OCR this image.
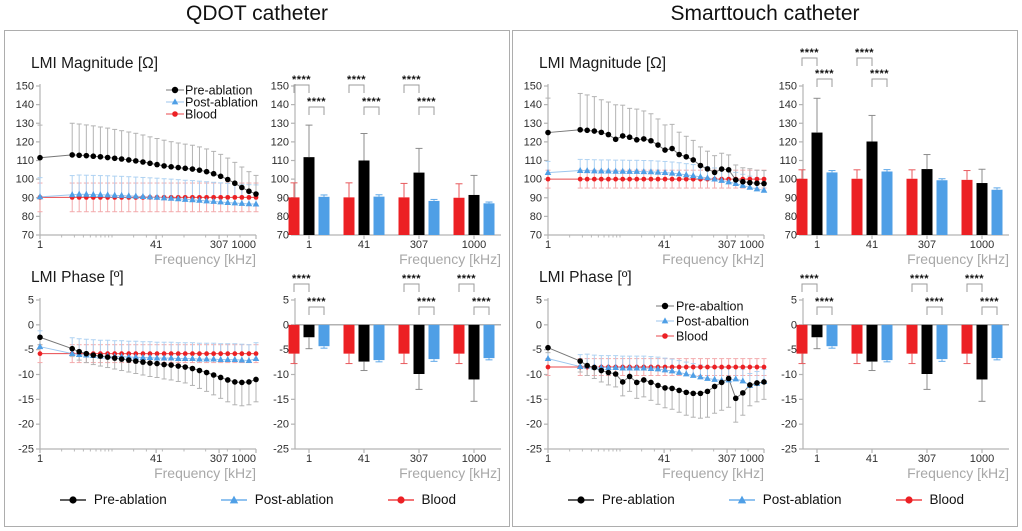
QDOT catheter
LMI Magnitude [Ω]
70
80
90
100
110
120
130
140
150
Frequency [kHz]
1	41	307 1000
Pre-ablation
Post-ablation
Blood
70
80
90
100
110
120
130
140
150
Frequency [kHz]
1	41	307	1000
****
****
****
****
****
****
LMI Phase [º]
5
0
-5
-10
-15
-20
-25
Frequency [kHz]
1	41	307 1000
5
0
-5
-10
-15
-20
-25
Frequency [kHz]
1	41	307	1000
****
****
****
****
****
****
Pre-ablation	Post-ablation	Blood
Smarttouch catheter
LMI Magnitude [Ω]
70
80
90
100
110
120
130
140
150
Frequency [kHz]
1	41	307 1000
70
80
90
100
110
120
130
140
150
Frequency [kHz]
1	41	307	1000
****
****
****
****
LMI Phase [º]
5
0
-5
-10
-15
-20
-25
Frequency [kHz]
1	41	307 1000
Pre-abaltion
Post-abaltion
Blood
5
0
-5
-10
-15
-20
-25
Frequency [kHz]
1	41	307	1000
****
****
****
****
****
****
Pre-ablation	Post-ablation	Blood
